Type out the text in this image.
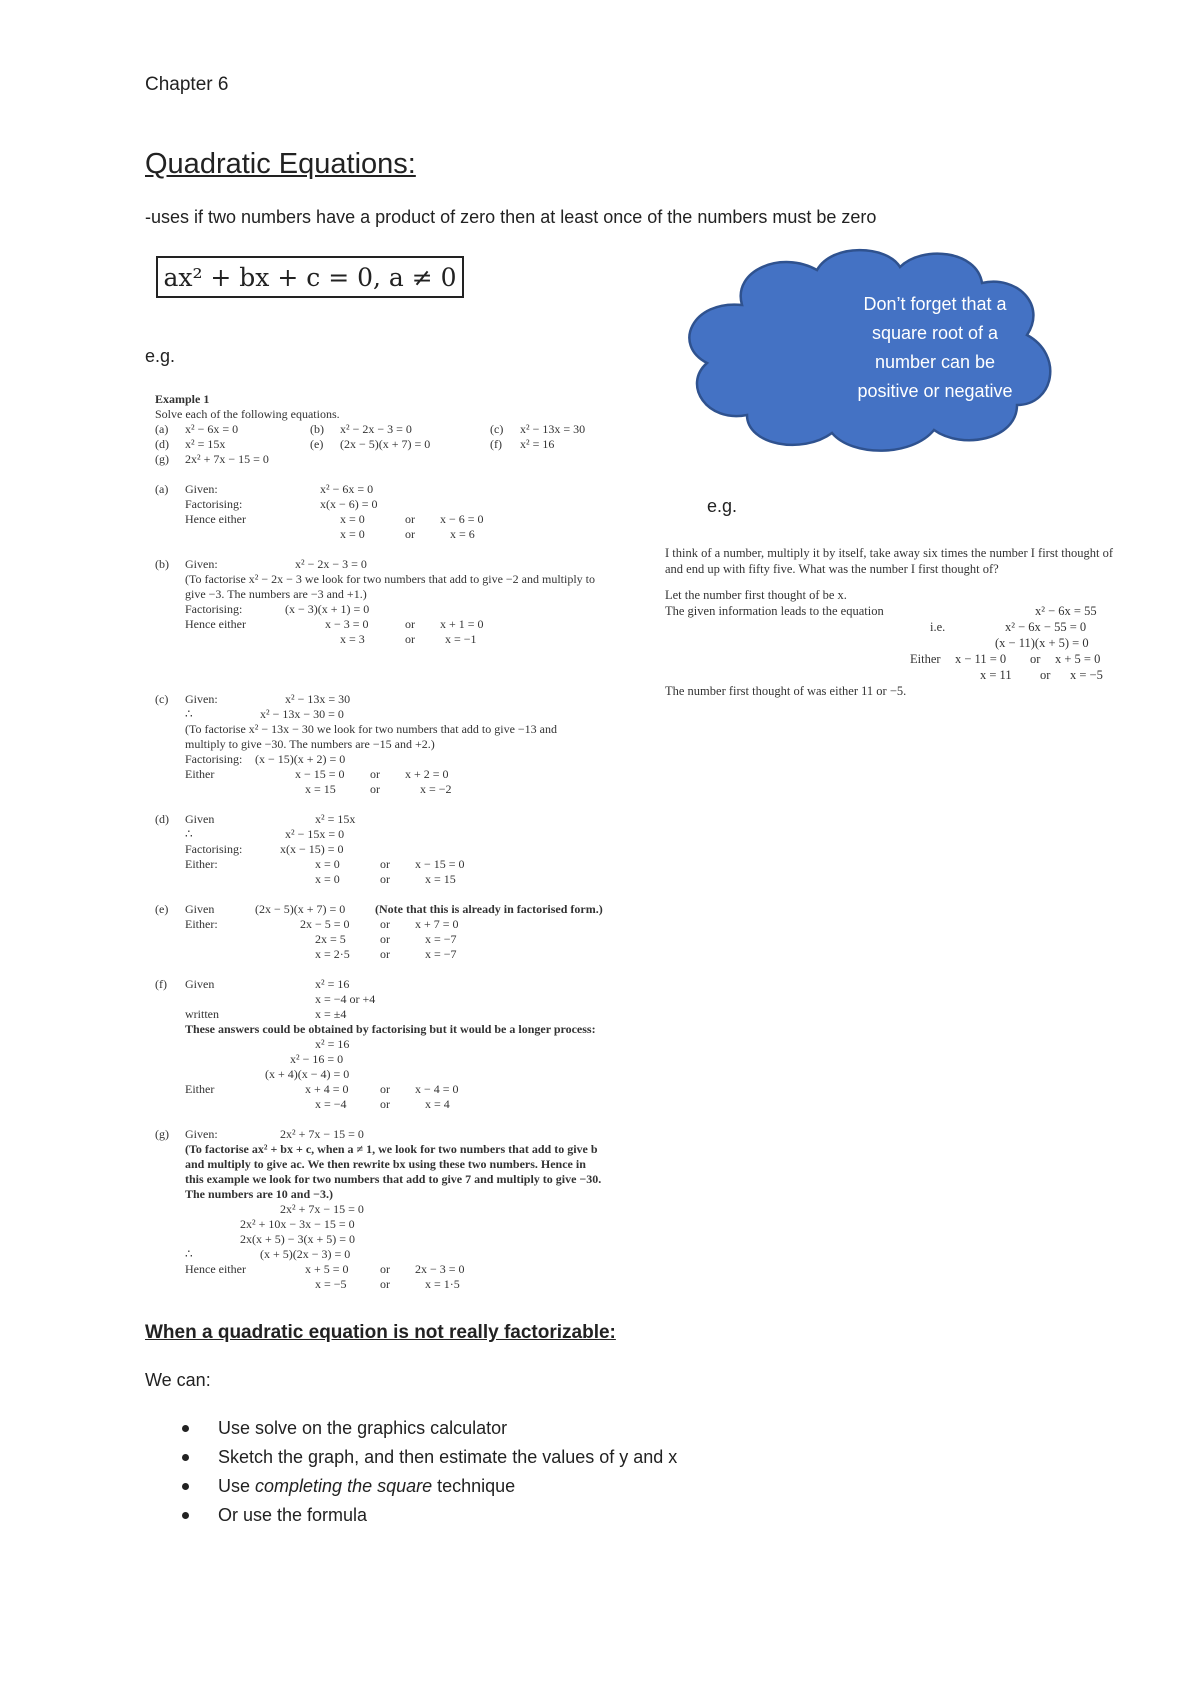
Chapter 6
Quadratic Equations:
-uses if two numbers have a product of zero then at least once of the numbers must be zero
ax² + bx + c = 0, a ≠ 0
e.g.
Don’t forget that a
square root of a
number can be
positive or negative
e.g.
Example 1
Solve each of the following equations.
(a) x² − 6x = 0	(b) x² − 2x − 3 = 0	(c) x² − 13x = 30
(d) x² = 15x	(e) (2x − 5)(x + 7) = 0	(f) x² = 16
(g) 2x² + 7x − 15 = 0
(a) Given:	x² − 6x = 0
Factorising:	x(x − 6) = 0
Hence either	x = 0	or x − 6 = 0
x = 0	or	x = 6
(b) Given:	x² − 2x − 3 = 0
(To factorise x² − 2x − 3 we look for two numbers that add to give −2 and multiply to
give −3. The numbers are −3 and +1.)
Factorising:	(x − 3)(x + 1) = 0
Hence either	x − 3 = 0	or x + 1 = 0
x = 3	or	x = −1
(c) Given:	x² − 13x = 30
∴	x² − 13x − 30 = 0
(To factorise x² − 13x − 30 we look for two numbers that add to give −13 and
multiply to give −30. The numbers are −15 and +2.)
Factorising: (x − 15)(x + 2) = 0
Either	x − 15 = 0 or x + 2 = 0
x = 15	or	x = −2
(d) Given	x² = 15x
∴	x² − 15x = 0
Factorising:	x(x − 15) = 0
Either:	x = 0	or x − 15 = 0
x = 0	or	x = 15
(e) Given	(2x − 5)(x + 7) = 0 (Note that this is already in factorised form.)
Either:	2x − 5 = 0	or x + 7 = 0
2x = 5	or	x = −7
x = 2·5	or	x = −7
(f) Given	x² = 16
x = −4 or +4
written	x = ±4
These answers could be obtained by factorising but it would be a longer process:
x² = 16
x² − 16 = 0
(x + 4)(x − 4) = 0
Either	x + 4 = 0	or x − 4 = 0
x = −4	or	x = 4
(g) Given:	2x² + 7x − 15 = 0
(To factorise ax² + bx + c, when a ≠ 1, we look for two numbers that add to give b
and multiply to give ac. We then rewrite bx using these two numbers. Hence in
this example we look for two numbers that add to give 7 and multiply to give −30.
The numbers are 10 and −3.)
2x² + 7x − 15 = 0
2x² + 10x − 3x − 15 = 0
2x(x + 5) − 3(x + 5) = 0
∴	(x + 5)(2x − 3) = 0
Hence either	x + 5 = 0	or 2x − 3 = 0
x = −5	or	x = 1·5
I think of a number, multiply it by itself, take away six times the number I first thought of
and end up with fifty five. What was the number I first thought of?
Let the number first thought of be x.
The given information leads to the equation	x² − 6x = 55
i.e.	x² − 6x − 55 = 0
(x − 11)(x + 5) = 0
Either x − 11 = 0 or x + 5 = 0
x = 11 or x = −5
The number first thought of was either 11 or −5.
When a quadratic equation is not really factorizable:
We can:
Use solve on the graphics calculator
Sketch the graph, and then estimate the values of y and x
Use completing the square technique
Or use the formula
